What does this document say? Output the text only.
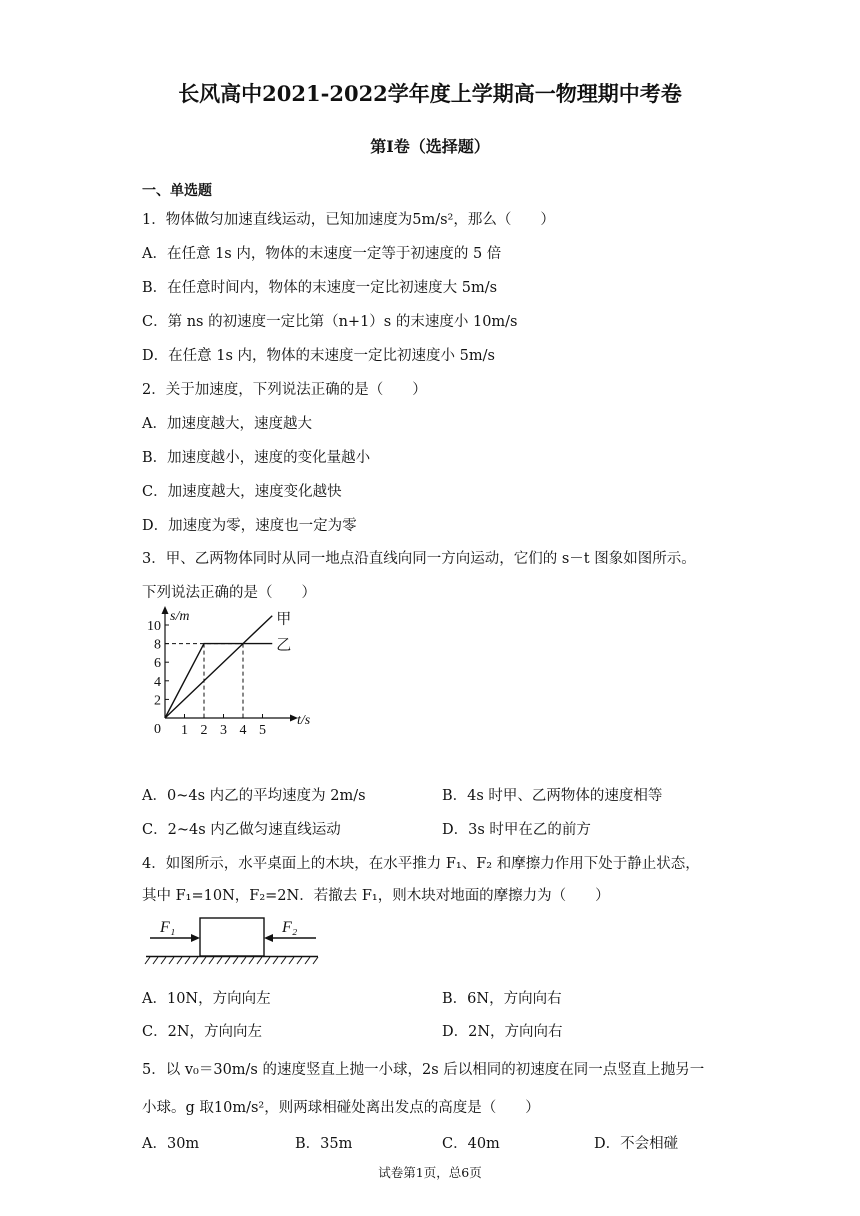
长风高中2021-2022学年度上学期高一物理期中考卷
第Ⅰ卷（选择题）
一、单选题
1．物体做匀加速直线运动，已知加速度为5m/s²，那么（　　）
A．在任意 1s 内，物体的末速度一定等于初速度的 5 倍
B．在任意时间内，物体的末速度一定比初速度大 5m/s
C．第 ns 的初速度一定比第（n+1）s 的末速度小 10m/s
D．在任意 1s 内，物体的末速度一定比初速度小 5m/s
2．关于加速度，下列说法正确的是（　　）
A．加速度越大，速度越大
B．加速度越小，速度的变化量越小
C．加速度越大，速度变化越快
D．加速度为零，速度也一定为零
3．甲、乙两物体同时从同一地点沿直线向同一方向运动，它们的 s－t 图象如图所示。
下列说法正确的是（　　）
s/m
t/s
0
2
4
6
8
10
1 2 3 4 5
甲
乙
A．0~4s 内乙的平均速度为 2m/s	B．4s 时甲、乙两物体的速度相等
C．2~4s 内乙做匀速直线运动	D．3s 时甲在乙的前方
4．如图所示，水平桌面上的木块，在水平推力 F₁、F₂ 和摩擦力作用下处于静止状态，
其中 F₁=10N，F₂=2N．若撤去 F₁，则木块对地面的摩擦力为（　　）
F₁	F₂
A．10N，方向向左	B．6N，方向向右
C．2N，方向向左	D．2N，方向向右
5．以 v₀＝30m/s 的速度竖直上抛一小球，2s 后以相同的初速度在同一点竖直上抛另一
小球。g 取10m/s²，则两球相碰处离出发点的高度是（　　）
A．30m	B．35m	C．40m	D．不会相碰
试卷第1页，总6页
